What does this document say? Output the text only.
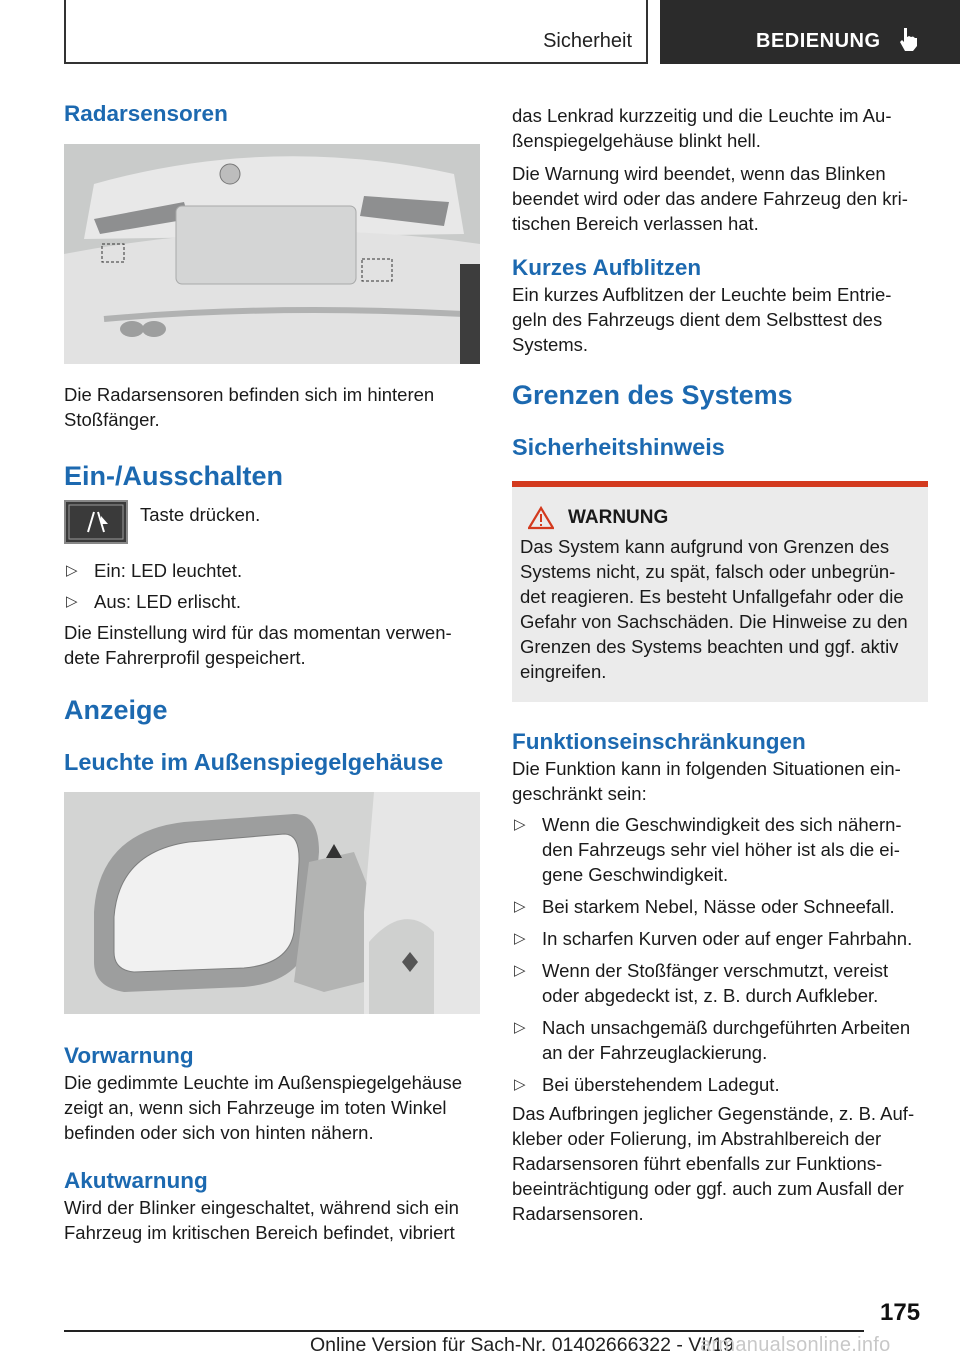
Sicherheit	BEDIENUNG
Radarsensoren

Die Radarsensoren befinden sich im hinteren

Stoßfänger.

Ein-/Ausschalten

Taste drücken.

▷ Ein: LED leuchtet.
▷ Aus: LED erlischt.

Die Einstellung wird für das momentan verwen-

dete Fahrerprofil gespeichert.

Anzeige
Leuchte im Außenspiegelgehäuse
Vorwarnung

Die gedimmte Leuchte im Außenspiegelgehäuse

zeigt an, wenn sich Fahrzeuge im toten Winkel

befinden oder sich von hinten nähern.

Akutwarnung

Wird der Blinker eingeschaltet, während sich ein

Fahrzeug im kritischen Bereich befindet, vibriert

das Lenkrad kurzzeitig und die Leuchte im Au-

ßenspiegelgehäuse blinkt hell.

Die Warnung wird beendet, wenn das Blinken

beendet wird oder das andere Fahrzeug den kri-

tischen Bereich verlassen hat.

Kurzes Aufblitzen

Ein kurzes Aufblitzen der Leuchte beim Entrie-

geln des Fahrzeugs dient dem Selbsttest des

Systems.

Grenzen des Systems
Sicherheitshinweis
WARNUNG

Das System kann aufgrund von Grenzen des

Systems nicht, zu spät, falsch oder unbegrün-

det reagieren. Es besteht Unfallgefahr oder die

Gefahr von Sachschäden. Die Hinweise zu den

Grenzen des Systems beachten und ggf. aktiv

eingreifen.

Funktionseinschränkungen

Die Funktion kann in folgenden Situationen ein-

geschränkt sein:

▷ Wenn die Geschwindigkeit des sich nähern-
den Fahrzeugs sehr viel höher ist als die ei-
gene Geschwindigkeit.
▷ Bei starkem Nebel, Nässe oder Schneefall.
▷ In scharfen Kurven oder auf enger Fahrbahn.
▷ Wenn der Stoßfänger verschmutzt, vereist
oder abgedeckt ist, z. B. durch Aufkleber.
▷ Nach unsachgemäß durchgeführten Arbeiten
an der Fahrzeuglackierung.
▷ Bei überstehendem Ladegut.

Das Aufbringen jeglicher Gegenstände, z. B. Auf-

kleber oder Folierung, im Abstrahlbereich der

Radarsensoren führt ebenfalls zur Funktions-

beeinträchtigung oder ggf. auch zum Ausfall der

Radarsensoren.

175
Online Version für Sach-Nr. 01402666322 - VI/19
armanualsonline.info
